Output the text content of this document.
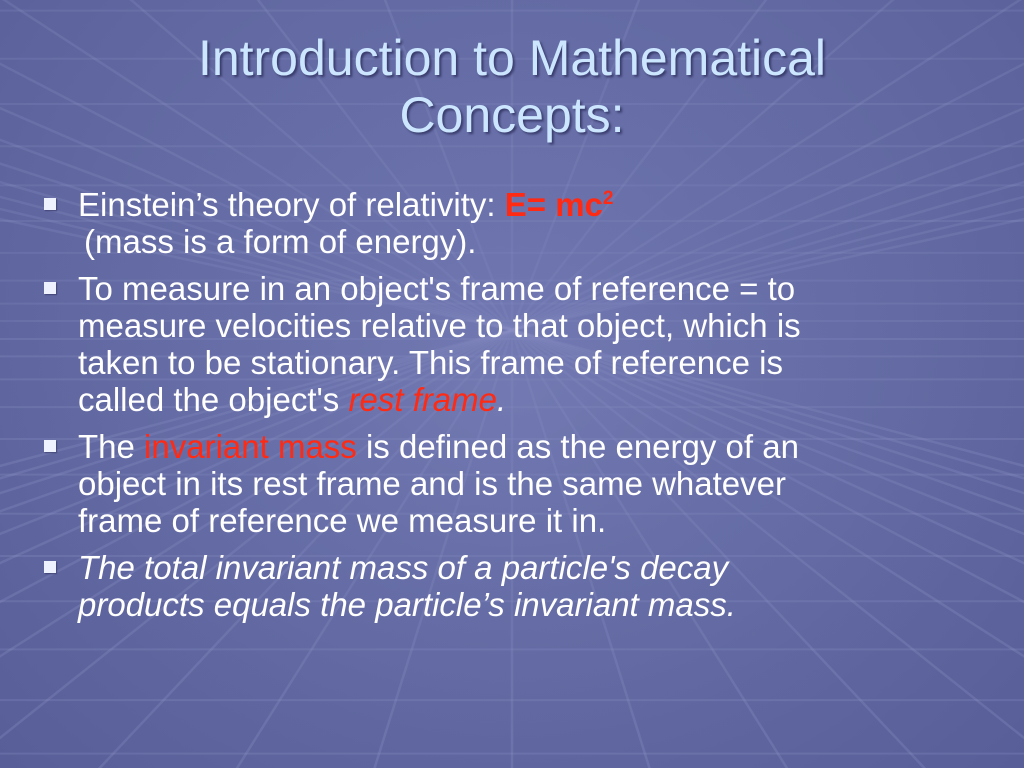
Introduction to Mathematical
Concepts:
Einstein’s theory of relativity: $E= mc^2$
(mass is a form of energy).
To measure in an object's frame of reference = to
measure velocities relative to that object, which is
taken to be stationary. This frame of reference is
called the object's rest frame.
The invariant mass is defined as the energy of an
object in its rest frame and is the same whatever
frame of reference we measure it in.
The total invariant mass of a particle's decay
products equals the particle’s invariant mass.
